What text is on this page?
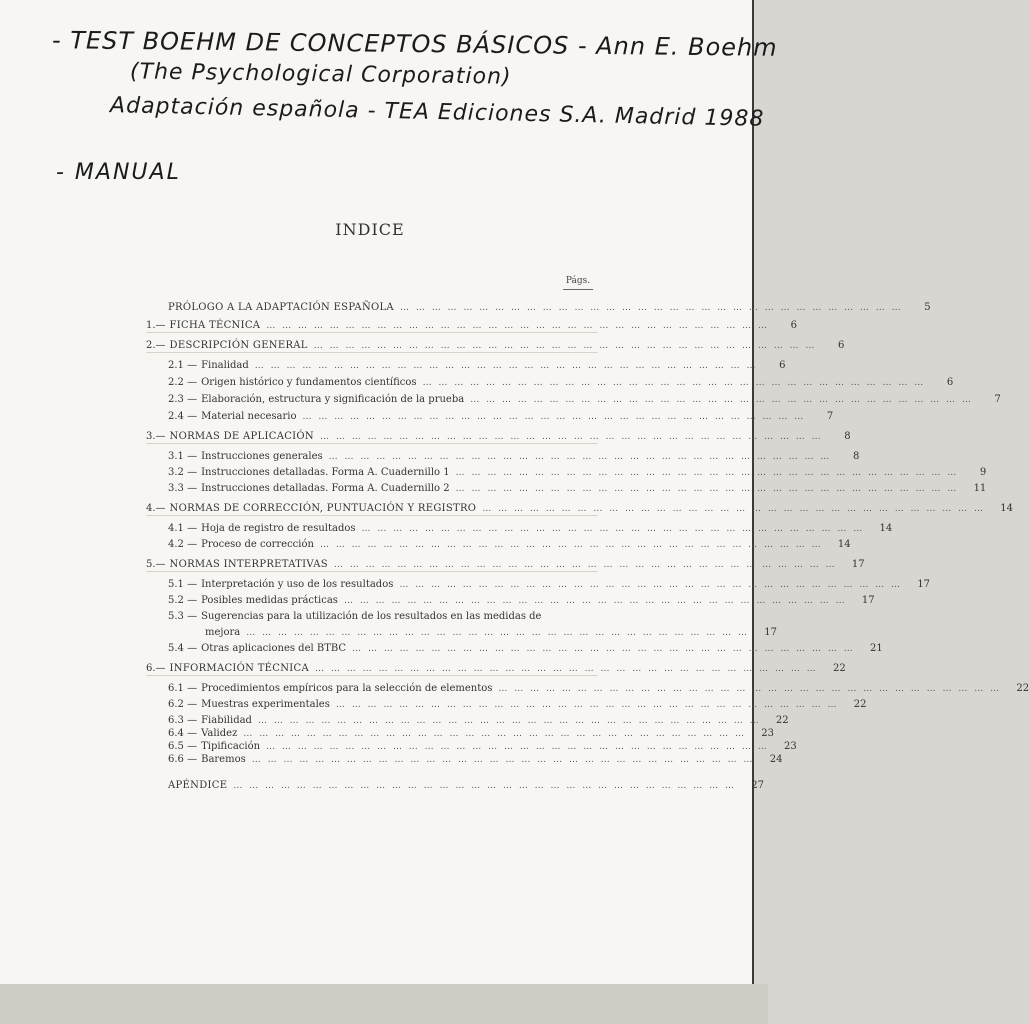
- TEST BOEHM DE CONCEPTOS BÁSICOS - Ann E. Boehm
(The Psychological Corporation)
Adaptación española - TEA Ediciones S.A. Madrid 1988
- MANUAL
INDICE
Págs.
PRÓLOGO A LA ADAPTACIÓN ESPAÑOLA … … … … … … … … … … … … … … … … … … … … … … … … … … … … … … … …	5
1.— FICHA TÉCNICA … … … … … … … … … … … … … … … … … … … … … … … … … … … … … … … …	6
2.— DESCRIPCIÓN GENERAL … … … … … … … … … … … … … … … … … … … … … … … … … … … … … … … …	6
2.1 — Finalidad … … … … … … … … … … … … … … … … … … … … … … … … … … … … … … … …	6
2.2 — Origen histórico y fundamentos científicos … … … … … … … … … … … … … … … … … … … … … … … … … … … … … … … …	6
2.3 — Elaboración, estructura y significación de la prueba … … … … … … … … … … … … … … … … … … … … … … … … … … … … … … … …	7
2.4 — Material necesario … … … … … … … … … … … … … … … … … … … … … … … … … … … … … … … …	7
3.— NORMAS DE APLICACIÓN … … … … … … … … … … … … … … … … … … … … … … … … … … … … … … … …	8
3.1 — Instrucciones generales … … … … … … … … … … … … … … … … … … … … … … … … … … … … … … … …	8
3.2 — Instrucciones detalladas. Forma A. Cuadernillo 1 … … … … … … … … … … … … … … … … … … … … … … … … … … … … … … … …	9
3.3 — Instrucciones detalladas. Forma A. Cuadernillo 2 … … … … … … … … … … … … … … … … … … … … … … … … … … … … … … … …	11
4.— NORMAS DE CORRECCIÓN, PUNTUACIÓN Y REGISTRO … … … … … … … … … … … … … … … … … … … … … … … … … … … … … … … …	14
4.1 — Hoja de registro de resultados … … … … … … … … … … … … … … … … … … … … … … … … … … … … … … … …	14
4.2 — Proceso de corrección … … … … … … … … … … … … … … … … … … … … … … … … … … … … … … … …	14
5.— NORMAS INTERPRETATIVAS … … … … … … … … … … … … … … … … … … … … … … … … … … … … … … … …	17
5.1 — Interpretación y uso de los resultados … … … … … … … … … … … … … … … … … … … … … … … … … … … … … … … …	17
5.2 — Posibles medidas prácticas … … … … … … … … … … … … … … … … … … … … … … … … … … … … … … … …	17
5.3 — Sugerencias para la utilización de los resultados en las medidas de
mejora … … … … … … … … … … … … … … … … … … … … … … … … … … … … … … … …	17
5.4 — Otras aplicaciones del BTBC … … … … … … … … … … … … … … … … … … … … … … … … … … … … … … … …	21
6.— INFORMACIÓN TÉCNICA … … … … … … … … … … … … … … … … … … … … … … … … … … … … … … … …	22
6.1 — Procedimientos empíricos para la selección de elementos … … … … … … … … … … … … … … … … … … … … … … … … … … … … … … … …	22
6.2 — Muestras experimentales … … … … … … … … … … … … … … … … … … … … … … … … … … … … … … … …	22
6.3 — Fiabilidad … … … … … … … … … … … … … … … … … … … … … … … … … … … … … … … …	22
6.4 — Validez … … … … … … … … … … … … … … … … … … … … … … … … … … … … … … … …	23
6.5 — Tipificación … … … … … … … … … … … … … … … … … … … … … … … … … … … … … … … …	23
6.6 — Baremos … … … … … … … … … … … … … … … … … … … … … … … … … … … … … … … …	24
APÉNDICE … … … … … … … … … … … … … … … … … … … … … … … … … … … … … … … …	27
